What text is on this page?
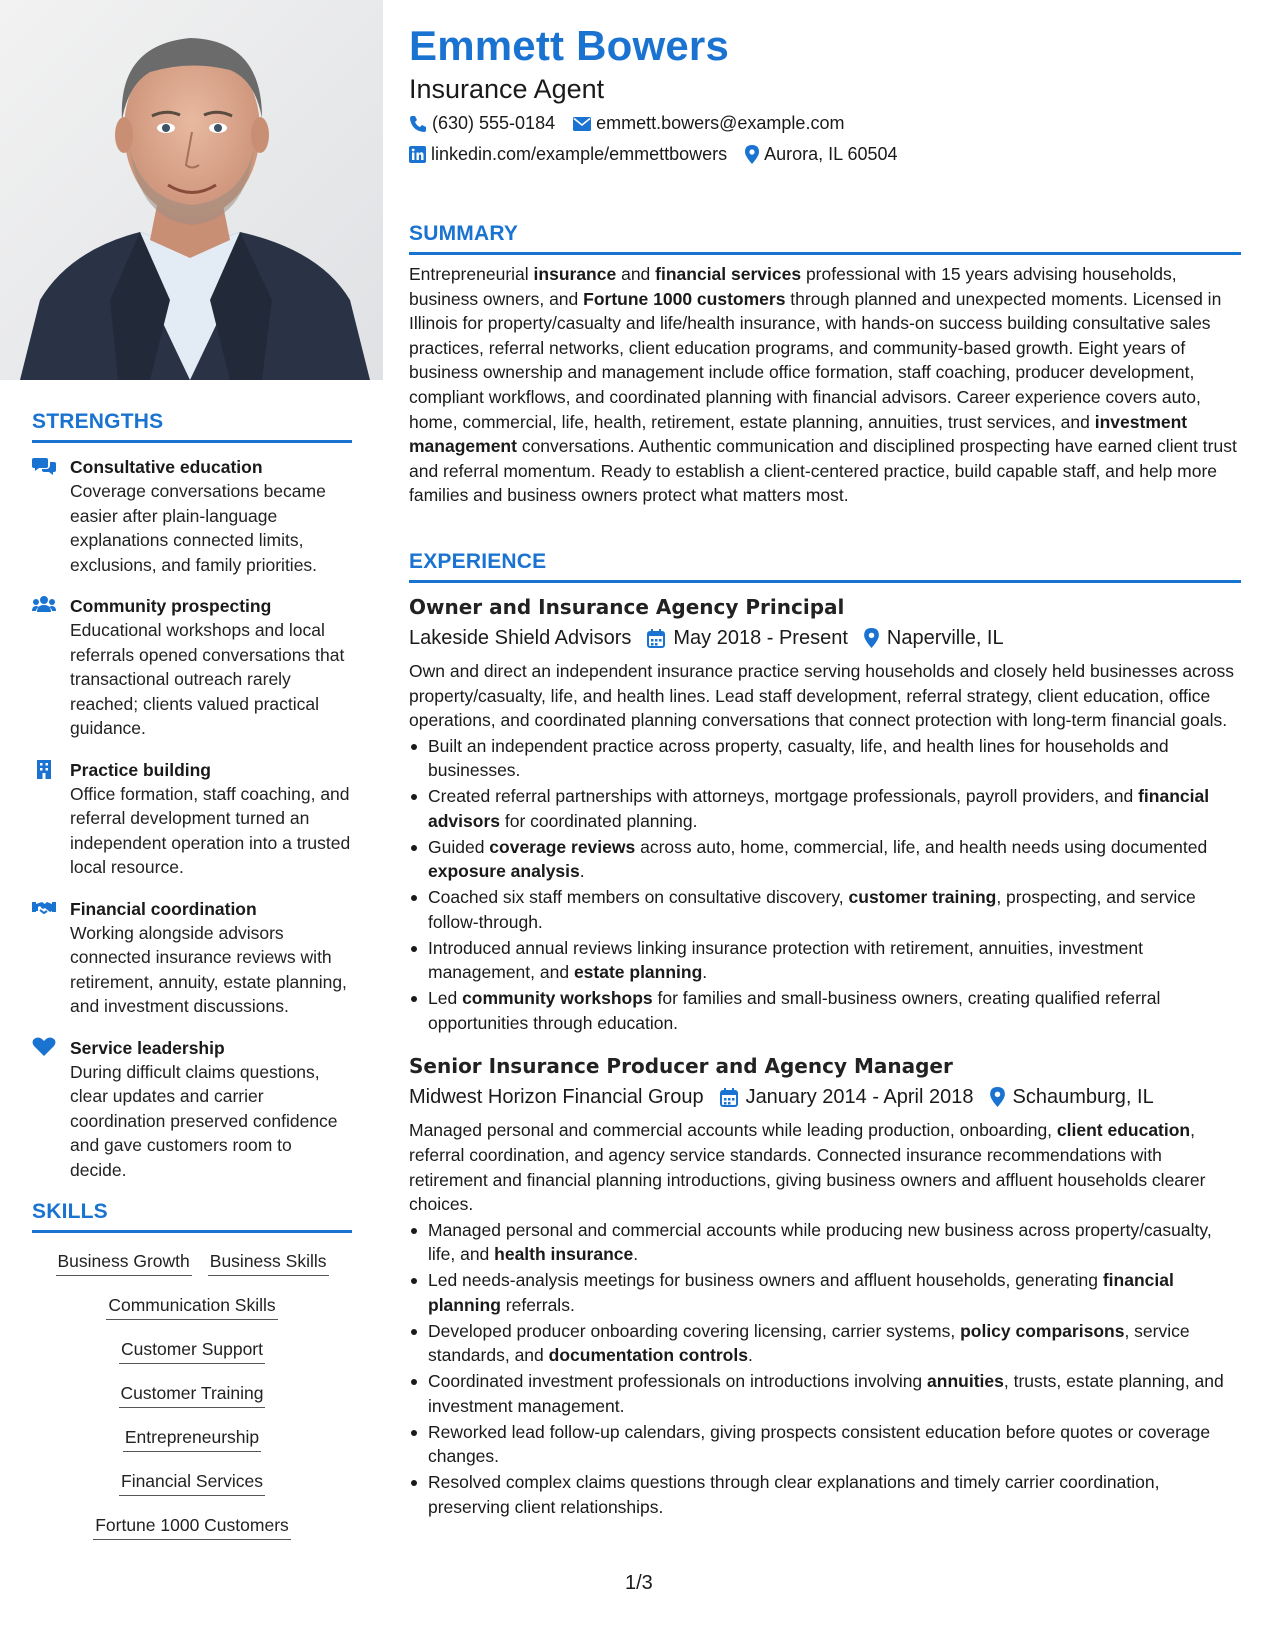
STRENGTHS
Consultative education
Coverage conversations became easier after plain-language explanations connected limits, exclusions, and family priorities.
Community prospecting
Educational workshops and local referrals opened conversations that transactional outreach rarely reached; clients valued practical guidance.
Practice building
Office formation, staff coaching, and referral development turned an independent operation into a trusted local resource.
Financial coordination
Working alongside advisors connected insurance reviews with retirement, annuity, estate planning, and investment discussions.
Service leadership
During difficult claims questions, clear updates and carrier coordination preserved confidence and gave customers room to decide.
SKILLS
Business Growth Business Skills
Communication Skills
Customer Support
Customer Training
Entrepreneurship
Financial Services
Fortune 1000 Customers
Emmett Bowers
Insurance Agent
(630) 555-0184 emmett.bowers@example.com
linkedin.com/example/emmettbowers Aurora, IL 60504
SUMMARY
Entrepreneurial insurance and financial services professional with 15 years advising households, business owners, and Fortune 1000 customers through planned and unexpected moments. Licensed in Illinois for property/casualty and life/health insurance, with hands-on success building consultative sales practices, referral networks, client education programs, and community-based growth. Eight years of business ownership and management include office formation, staff coaching, producer development, compliant workflows, and coordinated planning with financial advisors. Career experience covers auto, home, commercial, life, health, retirement, estate planning, annuities, trust services, and investment management conversations. Authentic communication and disciplined prospecting have earned client trust and referral momentum. Ready to establish a client-centered practice, build capable staff, and help more families and business owners protect what matters most.
EXPERIENCE
Owner and Insurance Agency Principal
Lakeside Shield Advisors May 2018 - Present Naperville, IL
Own and direct an independent insurance practice serving households and closely held businesses across property/casualty, life, and health lines. Lead staff development, referral strategy, client education, office operations, and coordinated planning conversations that connect protection with long-term financial goals.
Built an independent practice across property, casualty, life, and health lines for households and businesses.
Created referral partnerships with attorneys, mortgage professionals, payroll providers, and financial advisors for coordinated planning.
Guided coverage reviews across auto, home, commercial, life, and health needs using documented exposure analysis.
Coached six staff members on consultative discovery, customer training, prospecting, and service follow-through.
Introduced annual reviews linking insurance protection with retirement, annuities, investment management, and estate planning.
Led community workshops for families and small-business owners, creating qualified referral opportunities through education.
Senior Insurance Producer and Agency Manager
Midwest Horizon Financial Group January 2014 - April 2018 Schaumburg, IL
Managed personal and commercial accounts while leading production, onboarding, client education, referral coordination, and agency service standards. Connected insurance recommendations with retirement and financial planning introductions, giving business owners and affluent households clearer choices.
Managed personal and commercial accounts while producing new business across property/casualty, life, and health insurance.
Led needs-analysis meetings for business owners and affluent households, generating financial planning referrals.
Developed producer onboarding covering licensing, carrier systems, policy comparisons, service standards, and documentation controls.
Coordinated investment professionals on introductions involving annuities, trusts, estate planning, and investment management.
Reworked lead follow-up calendars, giving prospects consistent education before quotes or coverage changes.
Resolved complex claims questions through clear explanations and timely carrier coordination, preserving client relationships.
1/3
